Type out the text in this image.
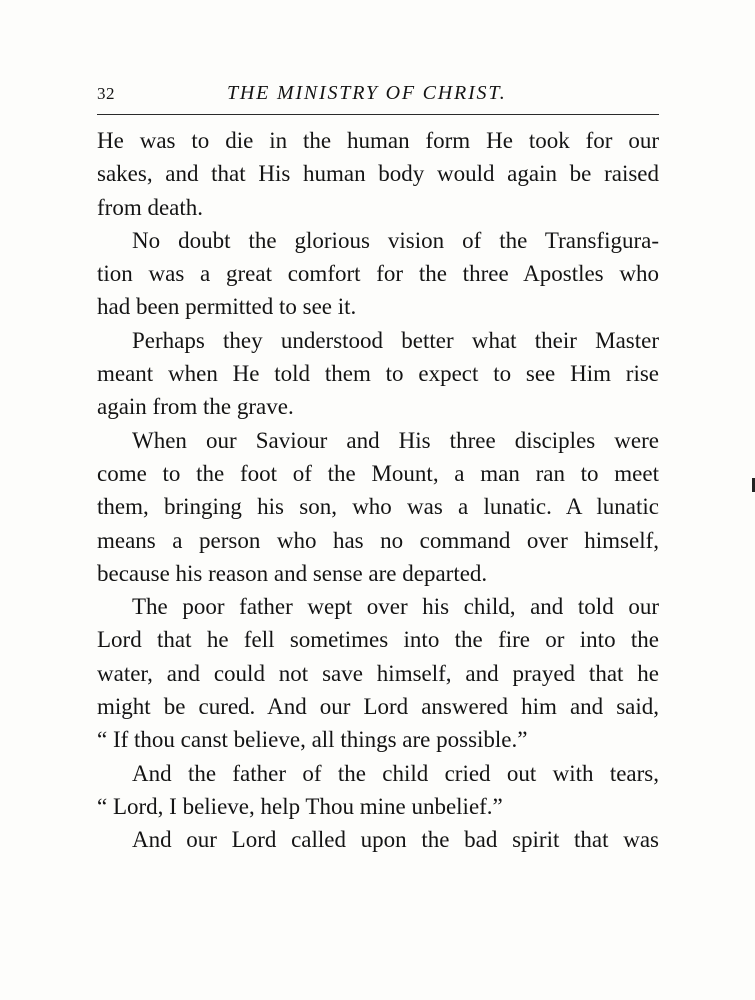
32	THE MINISTRY OF CHRIST.
He was to die in the human form He took for our
sakes, and that His human body would again be raised
from death.
No doubt the glorious vision of the Transfigura-
tion was a great comfort for the three Apostles who
had been permitted to see it.
Perhaps they understood better what their Master
meant when He told them to expect to see Him rise
again from the grave.
When our Saviour and His three disciples were
come to the foot of the Mount, a man ran to meet
them, bringing his son, who was a lunatic. A lunatic
means a person who has no command over himself,
because his reason and sense are departed.
The poor father wept over his child, and told our
Lord that he fell sometimes into the fire or into the
water, and could not save himself, and prayed that he
might be cured. And our Lord answered him and said,
“ If thou canst believe, all things are possible.”
And the father of the child cried out with tears,
“ Lord, I believe, help Thou mine unbelief.”
And our Lord called upon the bad spirit that was
